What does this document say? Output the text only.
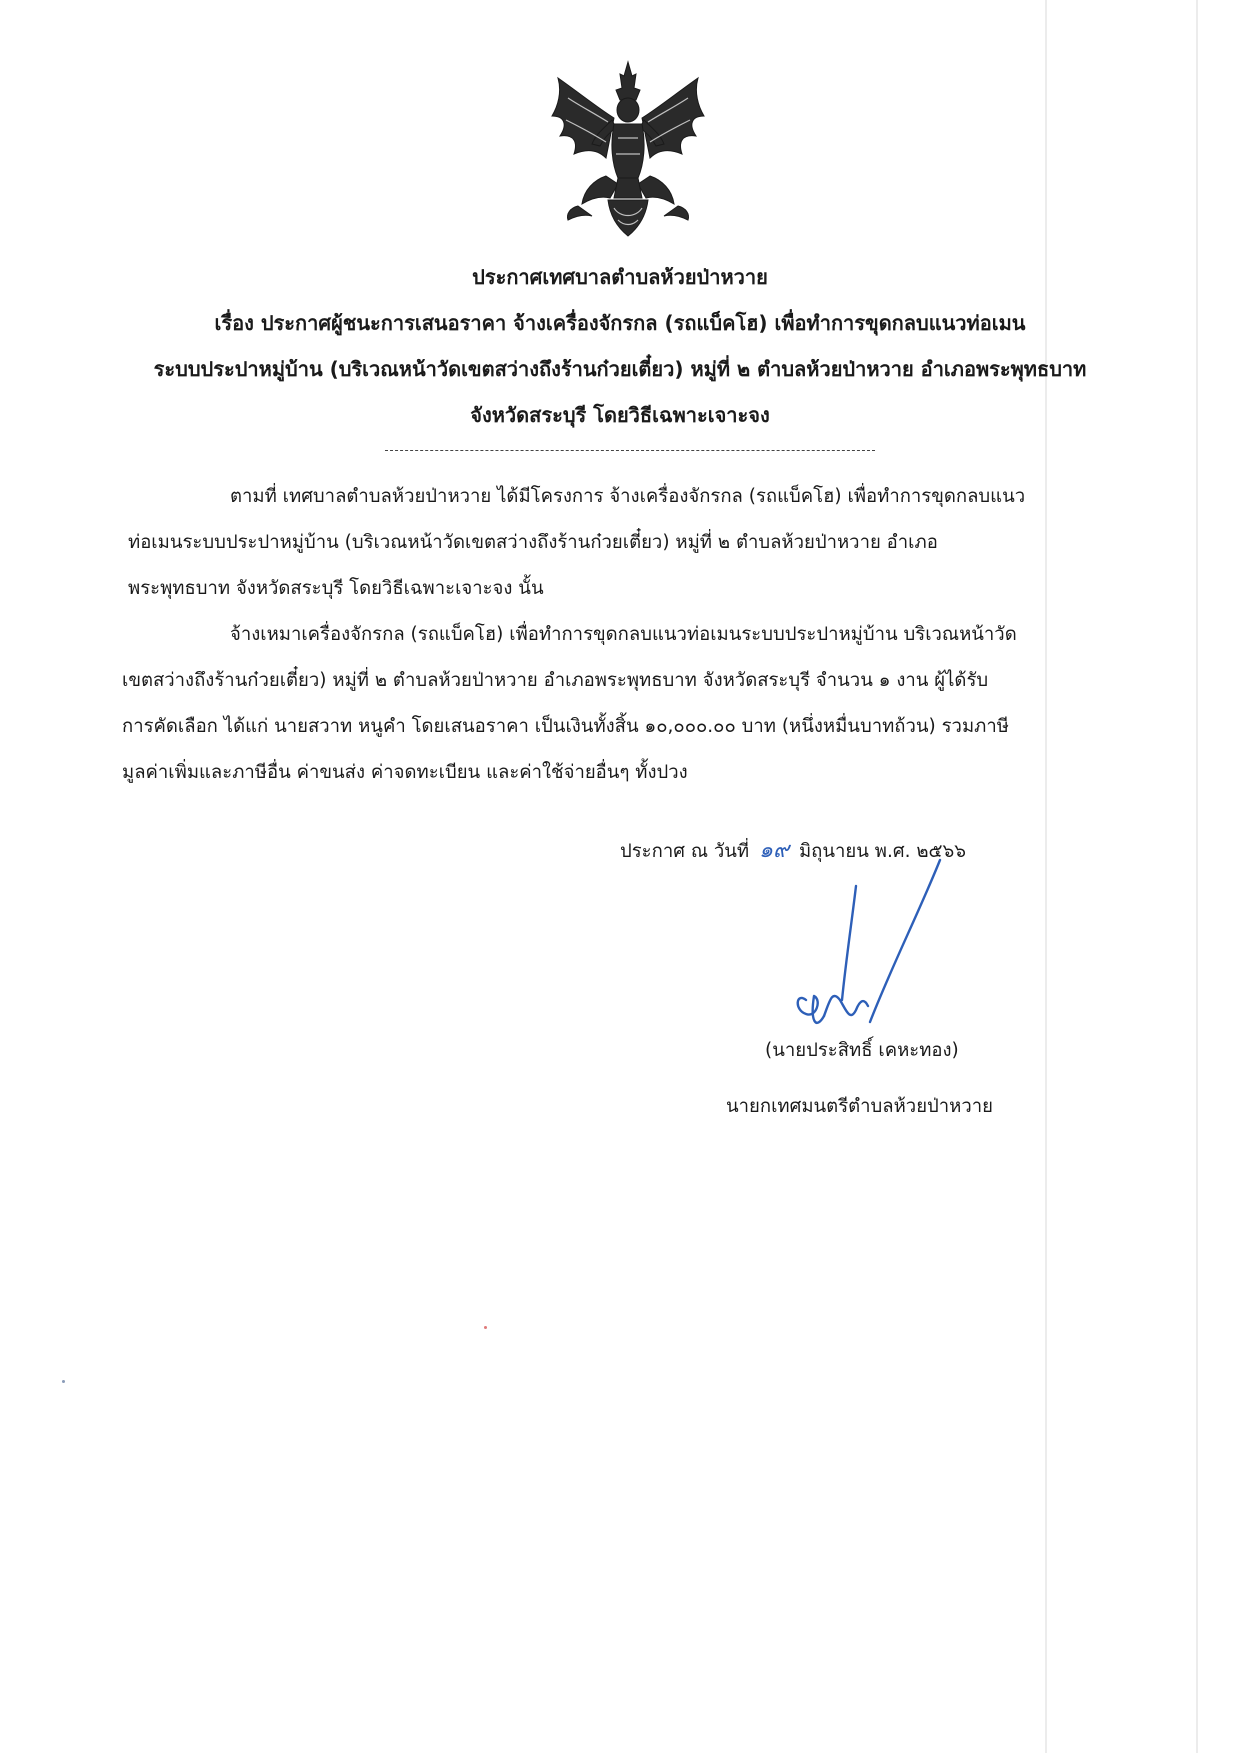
ประกาศเทศบาลตำบลห้วยป่าหวาย
เรื่อง ประกาศผู้ชนะการเสนอราคา จ้างเครื่องจักรกล (รถแบ็คโฮ) เพื่อทำการขุดกลบแนวท่อเมน
ระบบประปาหมู่บ้าน (บริเวณหน้าวัดเขตสว่างถึงร้านก๋วยเตี๋ยว) หมู่ที่ ๒ ตำบลห้วยป่าหวาย อำเภอพระพุทธบาท
จังหวัดสระบุรี โดยวิธีเฉพาะเจาะจง
ตามที่ เทศบาลตำบลห้วยป่าหวาย ได้มีโครงการ จ้างเครื่องจักรกล (รถแบ็คโฮ) เพื่อทำการขุดกลบแนว
ท่อเมนระบบประปาหมู่บ้าน (บริเวณหน้าวัดเขตสว่างถึงร้านก๋วยเตี๋ยว) หมู่ที่ ๒ ตำบลห้วยป่าหวาย อำเภอ
พระพุทธบาท จังหวัดสระบุรี โดยวิธีเฉพาะเจาะจง นั้น
จ้างเหมาเครื่องจักรกล (รถแบ็คโฮ) เพื่อทำการขุดกลบแนวท่อเมนระบบประปาหมู่บ้าน บริเวณหน้าวัด
เขตสว่างถึงร้านก๋วยเตี๋ยว) หมู่ที่ ๒ ตำบลห้วยป่าหวาย อำเภอพระพุทธบาท จังหวัดสระบุรี จำนวน ๑ งาน ผู้ได้รับ
การคัดเลือก ได้แก่ นายสวาท หนูคำ โดยเสนอราคา เป็นเงินทั้งสิ้น ๑๐,๐๐๐.๐๐ บาท (หนึ่งหมื่นบาทถ้วน) รวมภาษี
มูลค่าเพิ่มและภาษีอื่น ค่าขนส่ง ค่าจดทะเบียน และค่าใช้จ่ายอื่นๆ ทั้งปวง
ประกาศ ณ วันที่ ๑๙ มิถุนายน พ.ศ. ๒๕๖๖
(นายประสิทธิ์ เคหะทอง)
นายกเทศมนตรีตำบลห้วยป่าหวาย
